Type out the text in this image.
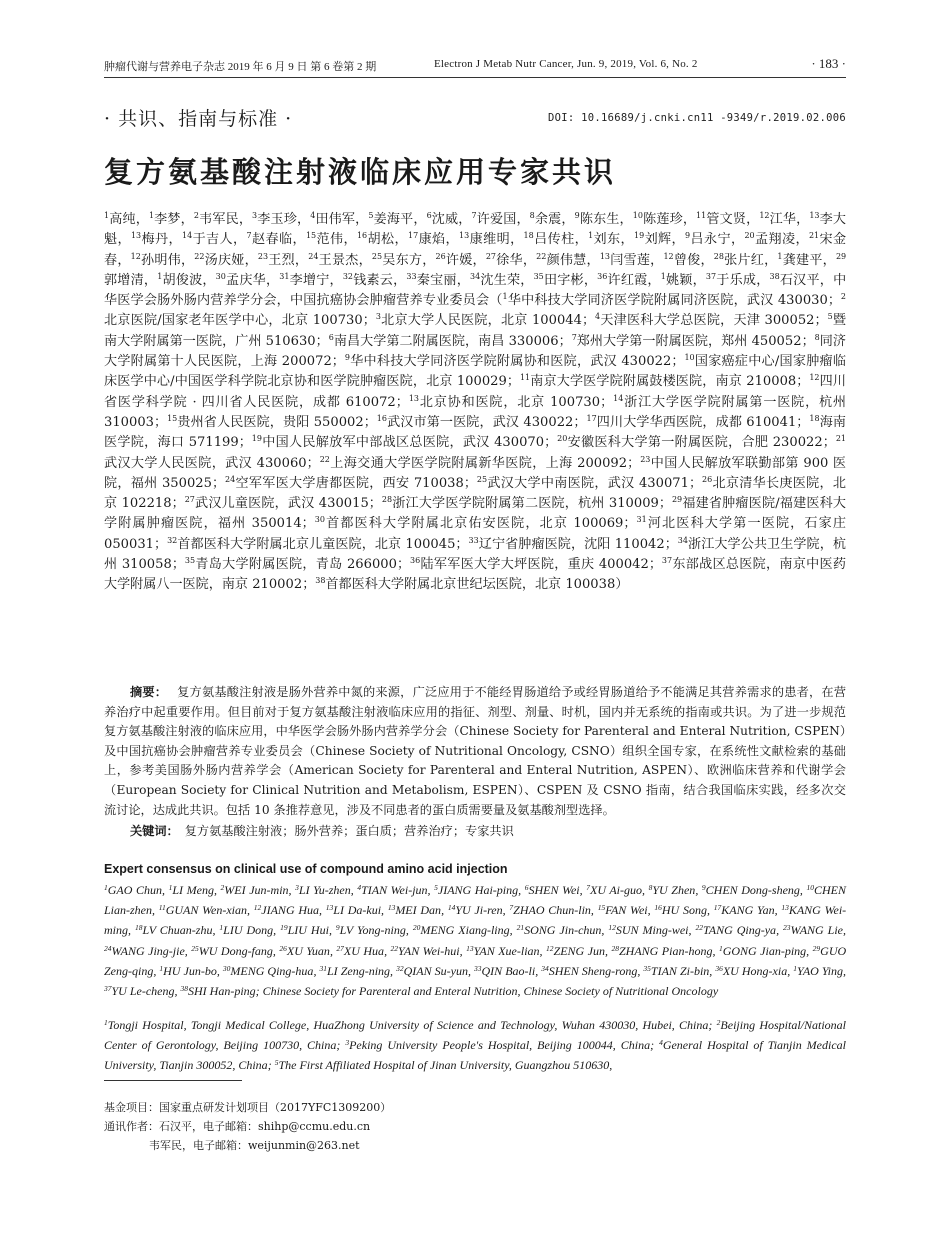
肿瘤代谢与营养电子杂志 2019 年 6 月 9 日 第 6 卷第 2 期	Electron J Metab Nutr Cancer, Jun. 9, 2019, Vol. 6, No. 2	· 183 ·
· 共识、指南与标准 ·	DOI: 10.16689/j.cnki.cn11 -9349/r.2019.02.006
复方氨基酸注射液临床应用专家共识

$^1$高纯，$^1$李梦，$^2$韦军民，$^3$李玉珍，$^4$田伟军，$^5$姜海平，$^6$沈威，$^7$许爱国，$^8$余震，$^9$陈东生，$^{10}$陈莲珍，$^{11}$管文贤，$^{12}$江华，$^{13}$李大魁，$^{13}$梅丹，$^{14}$于吉人，$^7$赵春临，$^{15}$范伟，$^{16}$胡松，$^{17}$康焰，$^{13}$康维明，$^{18}$吕传柱，$^1$刘东，$^{19}$刘辉，$^9$吕永宁，$^{20}$孟翔凌，$^{21}$宋金春，$^{12}$孙明伟，$^{22}$汤庆娅，$^{23}$王烈，$^{24}$王景杰，$^{25}$吴东方，$^{26}$许媛，$^{27}$徐华，$^{22}$颜伟慧，$^{13}$闫雪莲，$^{12}$曾俊，$^{28}$张片红，$^1$龚建平，$^{29}$郭增清，$^1$胡俊波，$^{30}$孟庆华，$^{31}$李增宁，$^{32}$钱素云，$^{33}$秦宝丽，$^{34}$沈生荣，$^{35}$田字彬，$^{36}$许红霞，$^1$姚颖，$^{37}$于乐成，$^{38}$石汉平，中华医学会肠外肠内营养学分会，中国抗癌协会肿瘤营养专业委员会（$^1$华中科技大学同济医学院附属同济医院，武汉 430030；$^2$北京医院/国家老年医学中心，北京 100730；$^3$北京大学人民医院，北京 100044；$^4$天津医科大学总医院，天津 300052；$^5$暨南大学附属第一医院，广州 510630；$^6$南昌大学第二附属医院，南昌 330006；$^7$郑州大学第一附属医院，郑州 450052；$^8$同济大学附属第十人民医院，上海 200072；$^9$华中科技大学同济医学院附属协和医院，武汉 430022；$^{10}$国家癌症中心/国家肿瘤临床医学中心/中国医学科学院北京协和医学院肿瘤医院，北京 100029；$^{11}$南京大学医学院附属鼓楼医院，南京 210008；$^{12}$四川省医学科学院 · 四川省人民医院，成都 610072；$^{13}$北京协和医院，北京 100730；$^{14}$浙江大学医学院附属第一医院，杭州 310003；$^{15}$贵州省人民医院，贵阳 550002；$^{16}$武汉市第一医院，武汉 430022；$^{17}$四川大学华西医院，成都 610041；$^{18}$海南医学院，海口 571199；$^{19}$中国人民解放军中部战区总医院，武汉 430070；$^{20}$安徽医科大学第一附属医院，合肥 230022；$^{21}$武汉大学人民医院，武汉 430060；$^{22}$上海交通大学医学院附属新华医院，上海 200092；$^{23}$中国人民解放军联勤部第 900 医院，福州 350025；$^{24}$空军军医大学唐都医院，西安 710038；$^{25}$武汉大学中南医院，武汉 430071；$^{26}$北京清华长庚医院，北京 102218；$^{27}$武汉儿童医院，武汉 430015；$^{28}$浙江大学医学院附属第二医院，杭州 310009；$^{29}$福建省肿瘤医院/福建医科大学附属肿瘤医院，福州 350014；$^{30}$首都医科大学附属北京佑安医院，北京 100069；$^{31}$河北医科大学第一医院，石家庄 050031；$^{32}$首都医科大学附属北京儿童医院，北京 100045；$^{33}$辽宁省肿瘤医院，沈阳 110042；$^{34}$浙江大学公共卫生学院，杭州 310058；$^{35}$青岛大学附属医院，青岛 266000；$^{36}$陆军军医大学大坪医院，重庆 400042；$^{37}$东部战区总医院，南京中医药大学附属八一医院，南京 210002；$^{38}$首都医科大学附属北京世纪坛医院，北京 100038）

摘要： 复方氨基酸注射液是肠外营养中氮的来源，广泛应用于不能经胃肠道给予或经胃肠道给予不能满足其营养需求的患者，在营养治疗中起重要作用。但目前对于复方氨基酸注射液临床应用的指征、剂型、剂量、时机，国内并无系统的指南或共识。为了进一步规范复方氨基酸注射液的临床应用，中华医学会肠外肠内营养学分会（Chinese Society for Parenteral and Enteral Nutrition, CSPEN）及中国抗癌协会肿瘤营养专业委员会（Chinese Society of Nutritional Oncology, CSNO）组织全国专家，在系统性文献检索的基础上，参考美国肠外肠内营养学会（American Society for Parenteral and Enteral Nutrition, ASPEN）、欧洲临床营养和代谢学会（European Society for Clinical Nutrition and Metabolism, ESPEN）、CSPEN 及 CSNO 指南，结合我国临床实践，经多次交流讨论，达成此共识。包括 10 条推荐意见，涉及不同患者的蛋白质需要量及氨基酸剂型选择。

关键词： 复方氨基酸注射液；肠外营养；蛋白质；营养治疗；专家共识

Expert consensus on clinical use of compound amino acid injection

$^1$GAO Chun, $^1$LI Meng, $^2$WEI Jun-min, $^3$LI Yu-zhen, $^4$TIAN Wei-jun, $^5$JIANG Hai-ping, $^6$SHEN Wei, $^7$XU Ai-guo, $^8$YU Zhen, $^9$CHEN Dong-sheng, $^{10}$CHEN Lian-zhen, $^{11}$GUAN Wen-xian, $^{12}$JIANG Hua, $^{13}$LI Da-kui, $^{13}$MEI Dan, $^{14}$YU Ji-ren, $^7$ZHAO Chun-lin, $^{15}$FAN Wei, $^{16}$HU Song, $^{17}$KANG Yan, $^{13}$KANG Wei-ming, $^{18}$LV Chuan-zhu, $^1$LIU Dong, $^{19}$LIU Hui, $^9$LV Yong-ning, $^{20}$MENG Xiang-ling, $^{21}$SONG Jin-chun, $^{12}$SUN Ming-wei, $^{22}$TANG Qing-ya, $^{23}$WANG Lie, $^{24}$WANG Jing-jie, $^{25}$WU Dong-fang, $^{26}$XU Yuan, $^{27}$XU Hua, $^{22}$YAN Wei-hui, $^{13}$YAN Xue-lian, $^{12}$ZENG Jun, $^{28}$ZHANG Pian-hong, $^1$GONG Jian-ping, $^{29}$GUO Zeng-qing, $^1$HU Jun-bo, $^{30}$MENG Qing-hua, $^{31}$LI Zeng-ning, $^{32}$QIAN Su-yun, $^{33}$QIN Bao-li, $^{34}$SHEN Sheng-rong, $^{35}$TIAN Zi-bin, $^{36}$XU Hong-xia, $^1$YAO Ying, $^{37}$YU Le-cheng, $^{38}$SHI Han-ping; Chinese Society for Parenteral and Enteral Nutrition, Chinese Society of Nutritional Oncology

$^1$Tongji Hospital, Tongji Medical College, HuaZhong University of Science and Technology, Wuhan 430030, Hubei, China; $^2$Beijing Hospital/National Center of Gerontology, Beijing 100730, China; $^3$Peking University People's Hospital, Beijing 100044, China; $^4$General Hospital of Tianjin Medical University, Tianjin 300052, China; $^5$The First Affiliated Hospital of Jinan University, Guangzhou 510630,

基金项目：国家重点研发计划项目（2017YFC1309200）
通讯作者：石汉平，电子邮箱：shihp@ccmu.edu.cn
韦军民，电子邮箱：weijunmin@263.net
